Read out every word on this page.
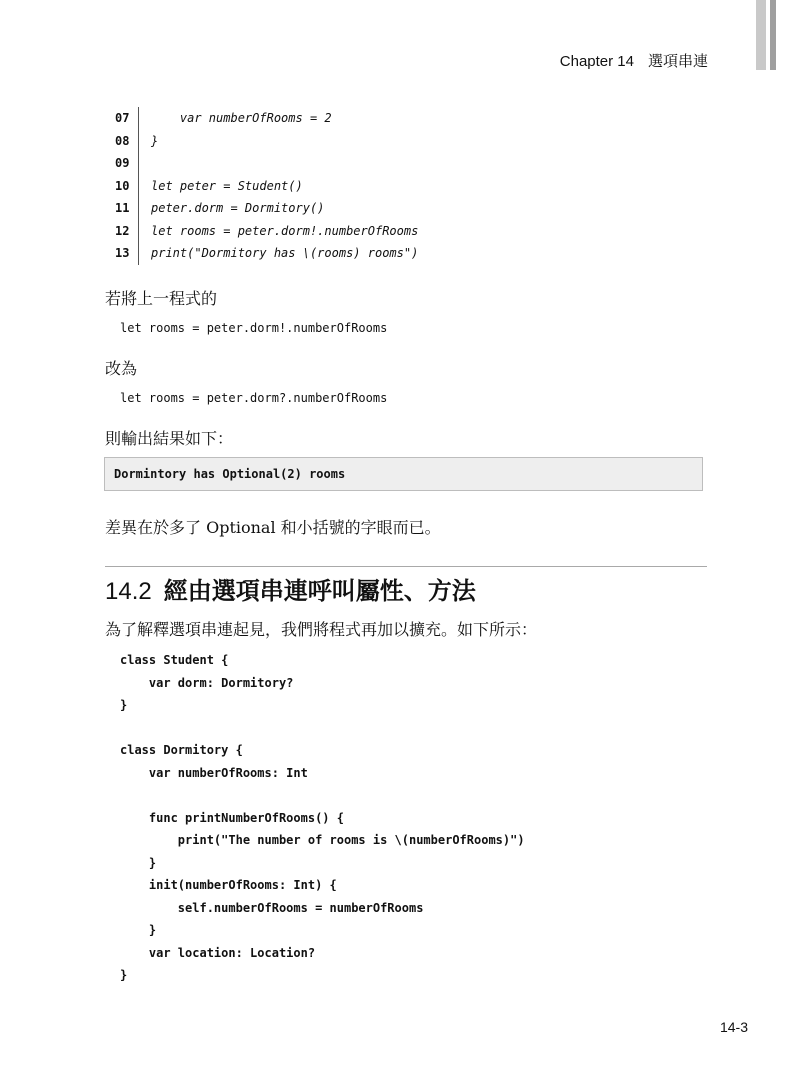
Chapter 14 選項串連
07	var numberOfRooms = 2
08	}
09
10	let peter = Student()
11	peter.dorm = Dormitory()
12	let rooms = peter.dorm!.numberOfRooms
13	print("Dormitory has \(rooms) rooms")
若將上一程式的
let rooms = peter.dorm!.numberOfRooms
改為
let rooms = peter.dorm?.numberOfRooms
則輸出結果如下：
Dormintory has Optional(2) rooms
差異在於多了 Optional 和小括號的字眼而已。
14.2 經由選項串連呼叫屬性、方法
為了解釋選項串連起見，我們將程式再加以擴充。如下所示：
class Student {
var dorm: Dormitory?
}
class Dormitory {
var numberOfRooms: Int
func printNumberOfRooms() {
print("The number of rooms is \(numberOfRooms)")
}
init(numberOfRooms: Int) {
self.numberOfRooms = numberOfRooms
}
var location: Location?
}
14-3
